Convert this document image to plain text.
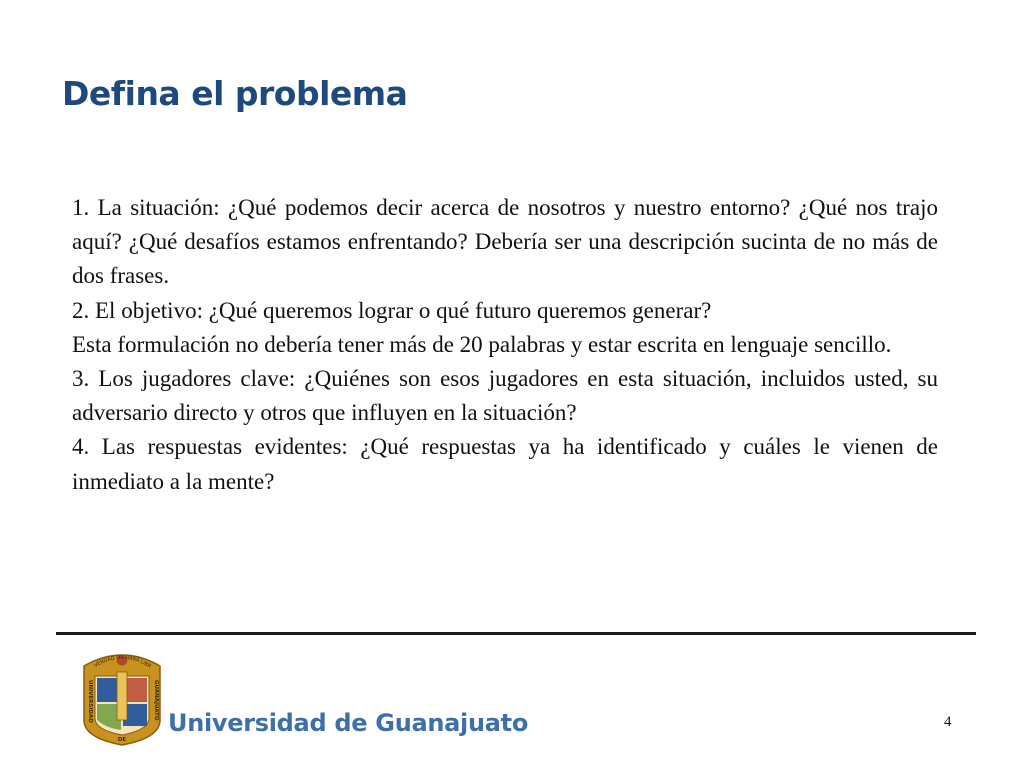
Defina el problema

1. La situación: ¿Qué podemos decir acerca de nosotros y nuestro entorno? ¿Qué nos trajo aquí? ¿Qué desafíos estamos enfrentando? Debería ser una descripción sucinta de no más de dos frases.

2. El objetivo: ¿Qué queremos lograr o qué futuro queremos generar?

Esta formulación no debería tener más de 20 palabras y estar escrita en lenguaje sencillo.

3. Los jugadores clave: ¿Quiénes son esos jugadores en esta situación, incluidos usted, su adversario directo y otros que influyen en la situación?

4. Las respuestas evidentes: ¿Qué respuestas ya ha identificado y cuáles le vienen de inmediato a la mente?

VERDAD OS HARÁ LIBR
UNIVERSIDAD
GUANAJUATO
DE
Universidad de Guanajuato	4
